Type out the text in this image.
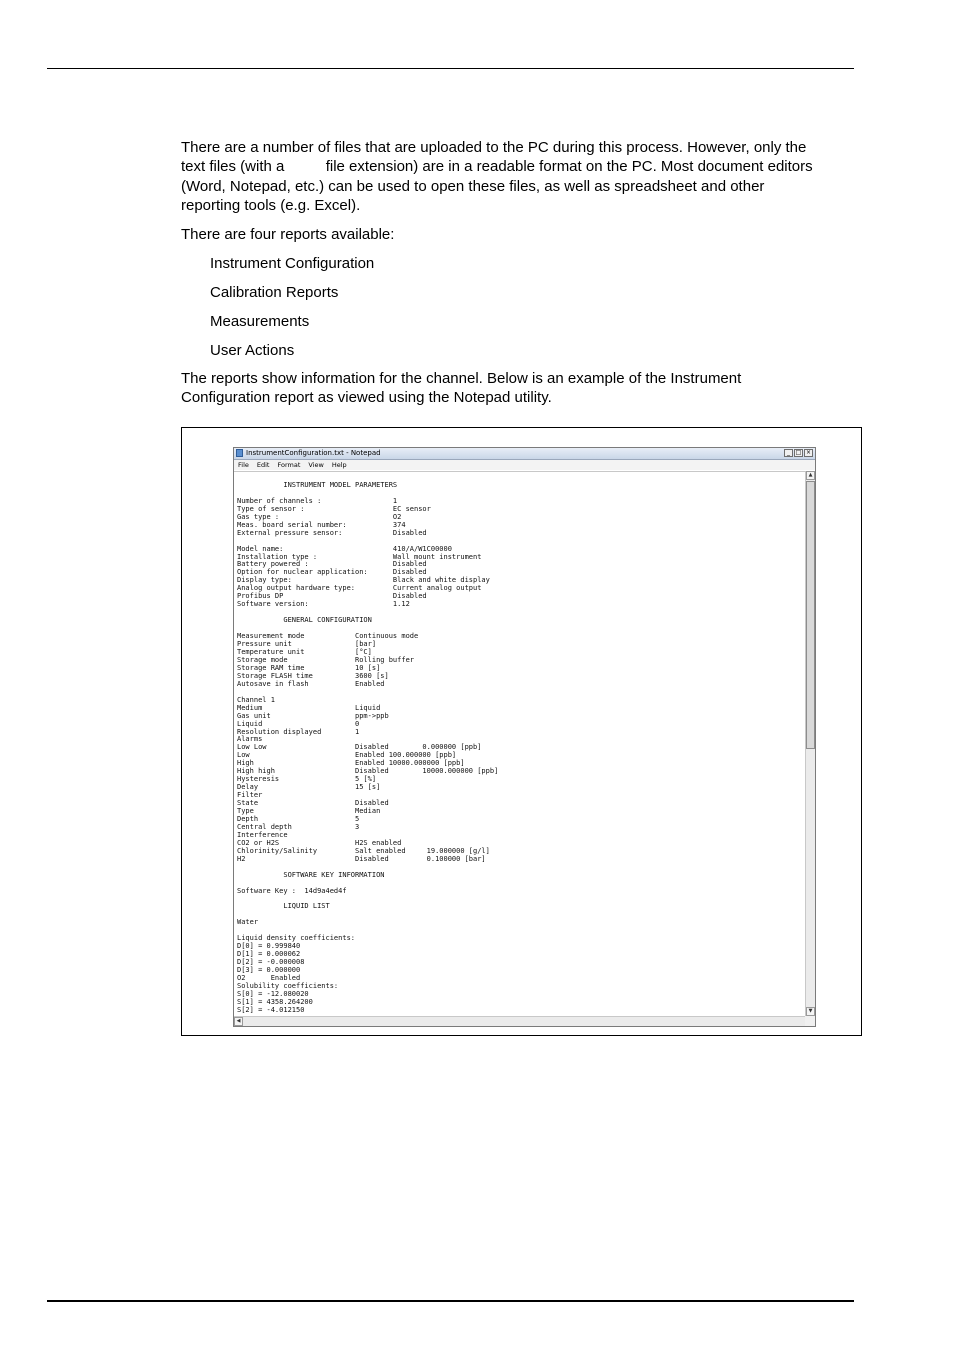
There are a number of files that are uploaded to the PC during this process. However, only the
text files (with a	file extension) are in a readable format on the PC. Most document editors
(Word, Notepad, etc.) can be used to open these files, as well as spreadsheet and other
reporting tools (e.g. Excel).

There are four reports available:

Instrument Configuration

Calibration Reports

Measurements

User Actions

The reports show information for the channel. Below is an example of the Instrument
Configuration report as viewed using the Notepad utility.

InstrumentConfiguration.txt - Notepad	_ □ ×
File Edit Format View Help

INSTRUMENT MODEL PARAMETERS

Number of channels :                 1
Type of sensor :                     EC sensor
Gas type :                           O2
Meas. board serial number:           374
External pressure sensor:            Disabled

Model name:                          410/A/W1C00000
Installation type :                  Wall mount instrument
Battery powered :                    Disabled
Option for nuclear application:      Disabled
Display type:                        Black and white display
Analog output hardware type:         Current analog output
Profibus DP                          Disabled
Software version:                    1.12

GENERAL CONFIGURATION

Measurement mode            Continuous mode
Pressure unit               [bar]
Temperature unit            [°C]
Storage mode                Rolling buffer
Storage RAM time            10 [s]
Storage FLASH time          3600 [s]
Autosave in flash           Enabled

Channel 1
Medium                      Liquid
Gas unit                    ppm->ppb
Liquid                      0
Resolution displayed        1
Alarms
Low Low                     Disabled        0.000000 [ppb]
Low                         Enabled 100.000000 [ppb]
High                        Enabled 10000.000000 [ppb]
High high                   Disabled        10000.000000 [ppb]
Hysteresis                  5 [%]
Delay                       15 [s]
Filter
State                       Disabled
Type                        Median
Depth                       5
Central depth               3
Interference
CO2 or H2S                  H2S enabled
Chlorinity/Salinity         Salt enabled     19.000000 [g/l]
H2                          Disabled         0.100000 [bar]

SOFTWARE KEY INFORMATION

Software Key :  14d9a4ed4f

LIQUID LIST

Water

Liquid density coefficients:
D[0] = 0.999840
D[1] = 0.000062
D[2] = -0.000008
D[3] = 0.000000
O2      Enabled
Solubility coefficients:
S[0] = -12.080020
S[1] = 4358.264200
S[2] = -4.012150
▲
▼
◀
